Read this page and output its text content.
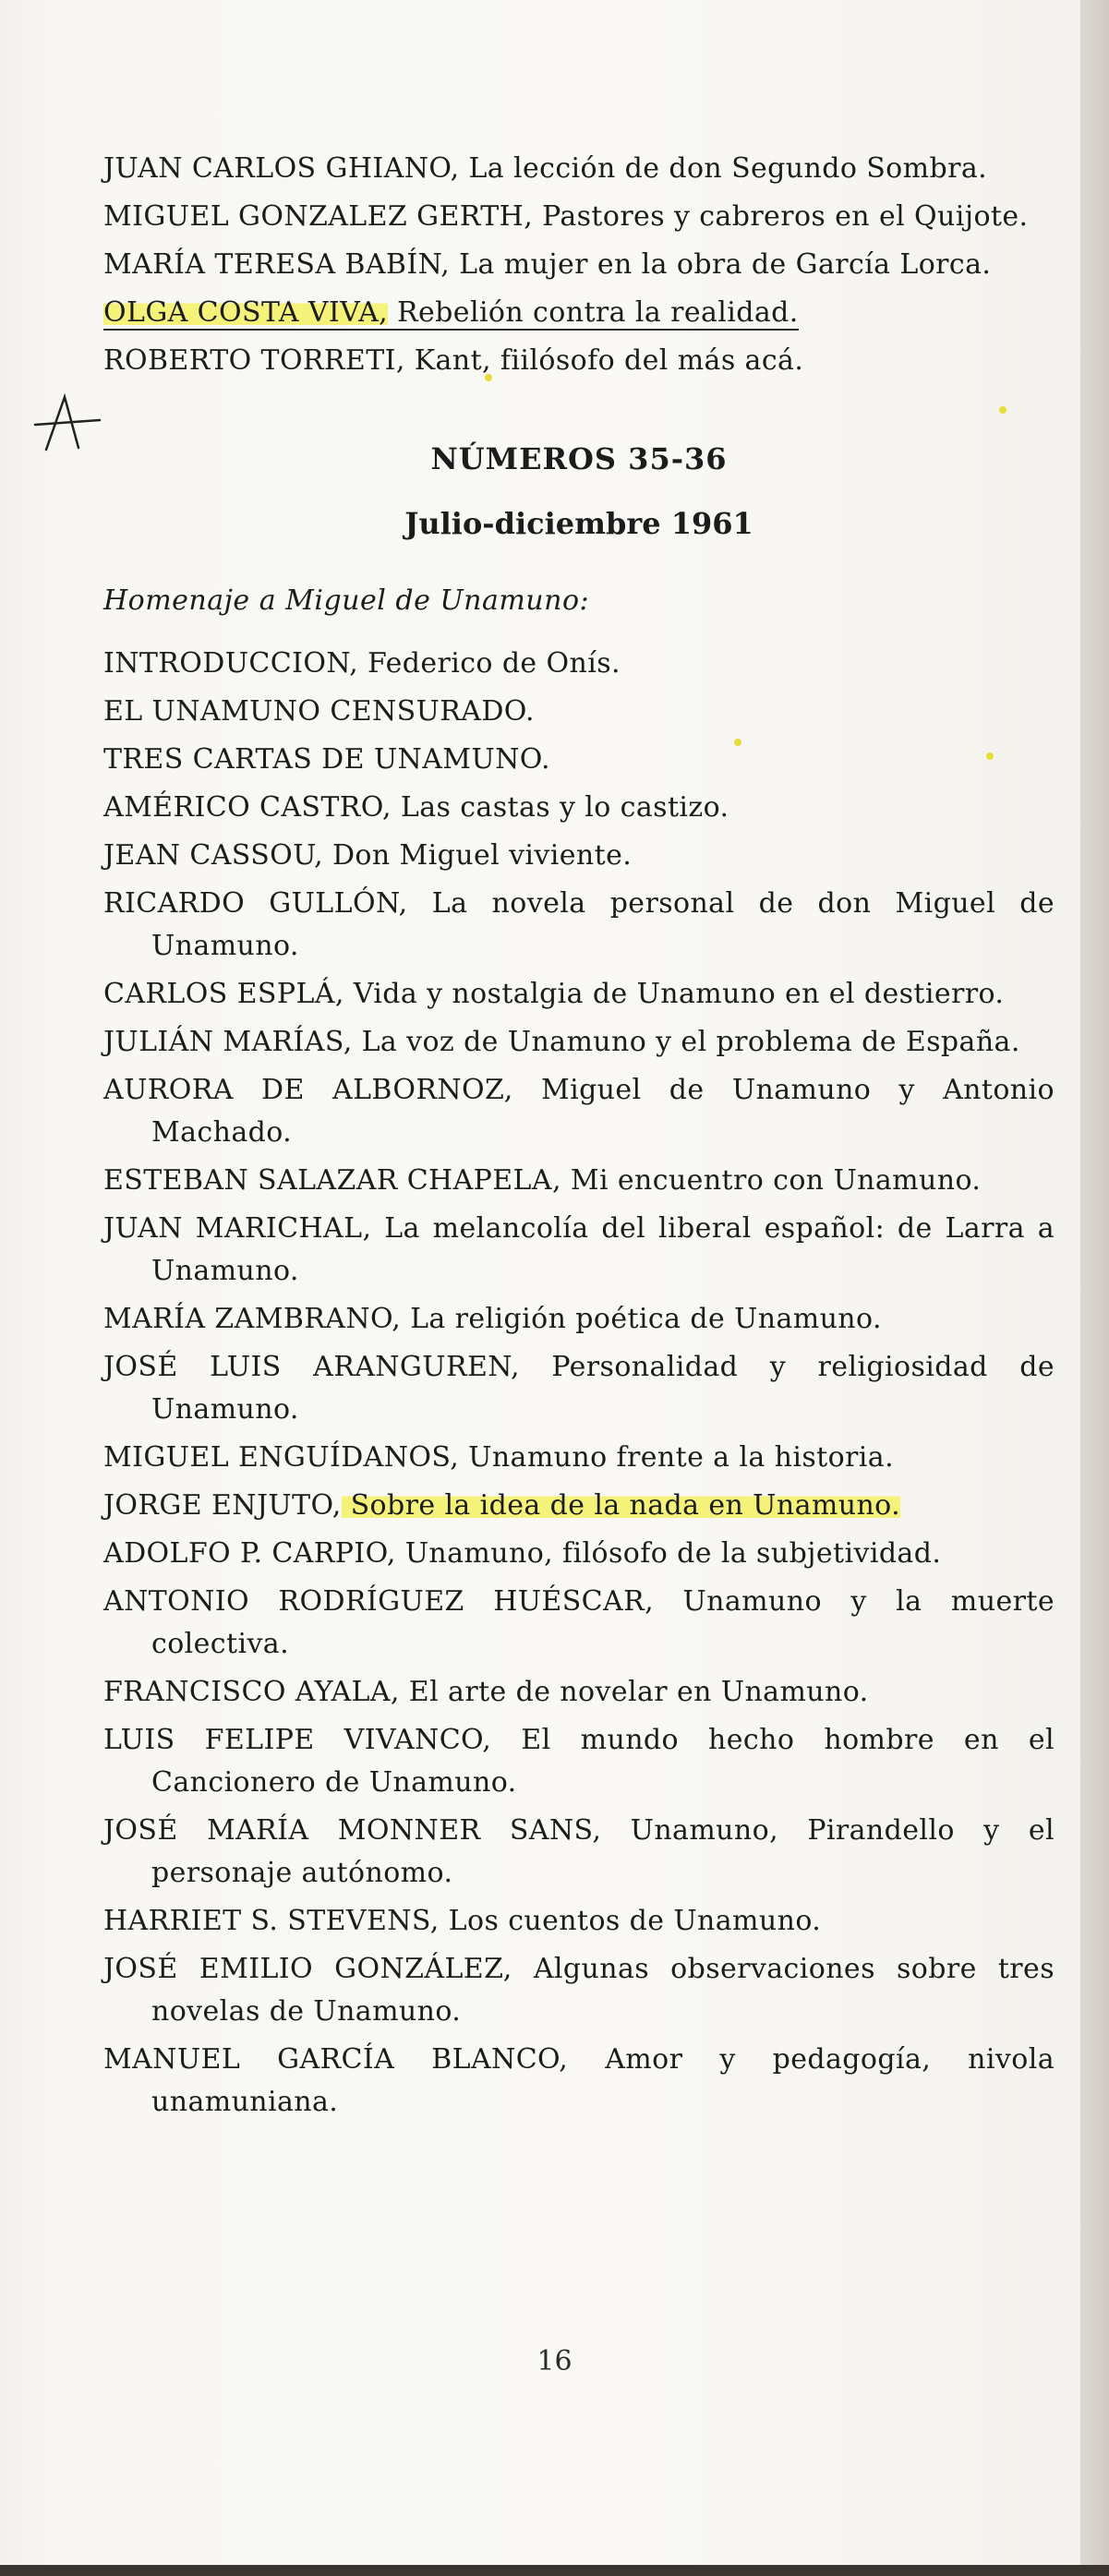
JUAN CARLOS GHIANO, La lección de don Segundo Sombra.

MIGUEL GONZALEZ GERTH, Pastores y cabreros en el Quijote.

MARÍA TERESA BABÍN, La mujer en la obra de García Lorca.

OLGA COSTA VIVA, Rebelión contra la realidad.

ROBERTO TORRETI, Kant, fiilósofo del más acá.

NÚMEROS 35-36
Julio-diciembre 1961
Homenaje a Miguel de Unamuno:

INTRODUCCION, Federico de Onís.

EL UNAMUNO CENSURADO.

TRES CARTAS DE UNAMUNO.

AMÉRICO CASTRO, Las castas y lo castizo.

JEAN CASSOU, Don Miguel viviente.

RICARDO GULLÓN, La novela personal de don Miguel de Unamuno.

CARLOS ESPLÁ, Vida y nostalgia de Unamuno en el destierro.

JULIÁN MARÍAS, La voz de Unamuno y el problema de España.

AURORA DE ALBORNOZ, Miguel de Unamuno y Antonio Machado.

ESTEBAN SALAZAR CHAPELA, Mi encuentro con Unamuno.

JUAN MARICHAL, La melancolía del liberal español: de Larra a Unamuno.

MARÍA ZAMBRANO, La religión poética de Unamuno.

JOSÉ LUIS ARANGUREN, Personalidad y religiosidad de Unamuno.

MIGUEL ENGUÍDANOS, Unamuno frente a la historia.

JORGE ENJUTO, Sobre la idea de la nada en Unamuno.

ADOLFO P. CARPIO, Unamuno, filósofo de la subjetividad.

ANTONIO RODRÍGUEZ HUÉSCAR, Unamuno y la muerte colectiva.

FRANCISCO AYALA, El arte de novelar en Unamuno.

LUIS FELIPE VIVANCO, El mundo hecho hombre en el Cancionero de Unamuno.

JOSÉ MARÍA MONNER SANS, Unamuno, Pirandello y el personaje autónomo.

HARRIET S. STEVENS, Los cuentos de Unamuno.

JOSÉ EMILIO GONZÁLEZ, Algunas observaciones sobre tres novelas de Unamuno.

MANUEL GARCÍA BLANCO, Amor y pedagogía, nivola unamuniana.

16
